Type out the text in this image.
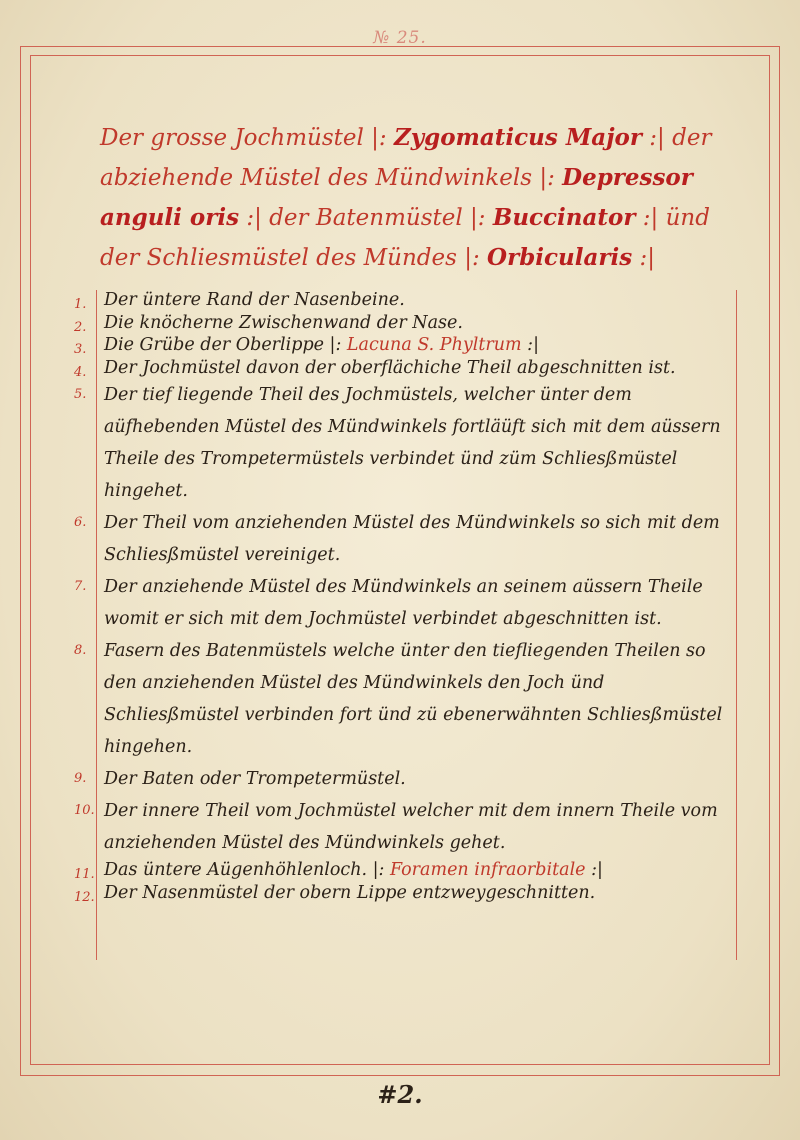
№ 25.
Der grosse Jochmüstel |: Zygomaticus Major :| der abziehende Müstel des Mündwinkels |: Depressor anguli oris :| der Batenmüstel |: Buccinator :| ünd der Schliesmüstel des Mündes |: Orbicularis :|
1.	Der üntere Rand der Nasenbeine.
2.	Die knöcherne Zwischenwand der Nase.
3.	Die Grübe der Oberlippe |: Lacuna S. Phyltrum :|
4.	Der Jochmüstel davon der oberflächiche Theil abgeschnitten ist.
5.	Der tief liegende Theil des Jochmüstels, welcher ünter dem aüfhebenden Müstel des Mündwinkels fortläüft sich mit dem aüssern Theile des Trompetermüstels verbindet ünd züm Schliesßmüstel hingehet.
6.	Der Theil vom anziehenden Müstel des Mündwinkels so sich mit dem Schliesßmüstel vereiniget.
7.	Der anziehende Müstel des Mündwinkels an seinem aüssern Theile womit er sich mit dem Jochmüstel verbindet abgeschnitten ist.
8.	Fasern des Batenmüstels welche ünter den tiefliegenden Theilen so den anziehenden Müstel des Mündwinkels den Joch ünd Schliesßmüstel verbinden fort ünd zü ebenerwähnten Schliesßmüstel hingehen.
9.	Der Baten oder Trompetermüstel.
10. Der innere Theil vom Jochmüstel welcher mit dem innern Theile vom anziehenden Müstel des Mündwinkels gehet.
11. Das üntere Aügenhöhlenloch. |: Foramen infraorbitale :|
12. Der Nasenmüstel der obern Lippe entzweygeschnitten.
#2.
